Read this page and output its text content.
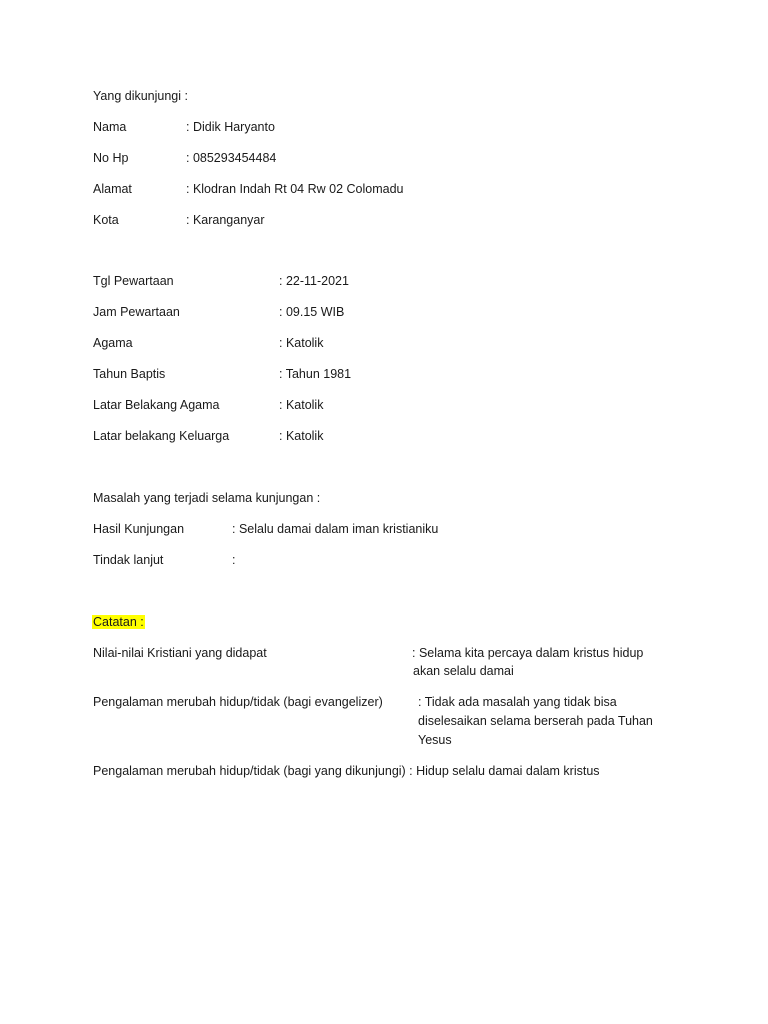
Yang dikunjungi :
Nama	: Didik Haryanto
No Hp	: 085293454484
Alamat	: Klodran Indah Rt 04 Rw 02 Colomadu
Kota	: Karanganyar
Tgl Pewartaan	: 22-11-2021
Jam Pewartaan	: 09.15 WIB
Agama	: Katolik
Tahun Baptis	: Tahun 1981
Latar Belakang Agama	: Katolik
Latar belakang Keluarga	: Katolik
Masalah yang terjadi selama kunjungan :
Hasil Kunjungan	: Selalu damai dalam iman kristianiku
Tindak lanjut	:
Catatan :
Nilai-nilai Kristiani yang didapat	: Selama kita percaya dalam kristus hidup
akan selalu damai
Pengalaman merubah hidup/tidak (bagi evangelizer)	: Tidak ada masalah yang tidak bisa
diselesaikan selama berserah pada Tuhan
Yesus
Pengalaman merubah hidup/tidak (bagi yang dikunjungi) : Hidup selalu damai dalam kristus
